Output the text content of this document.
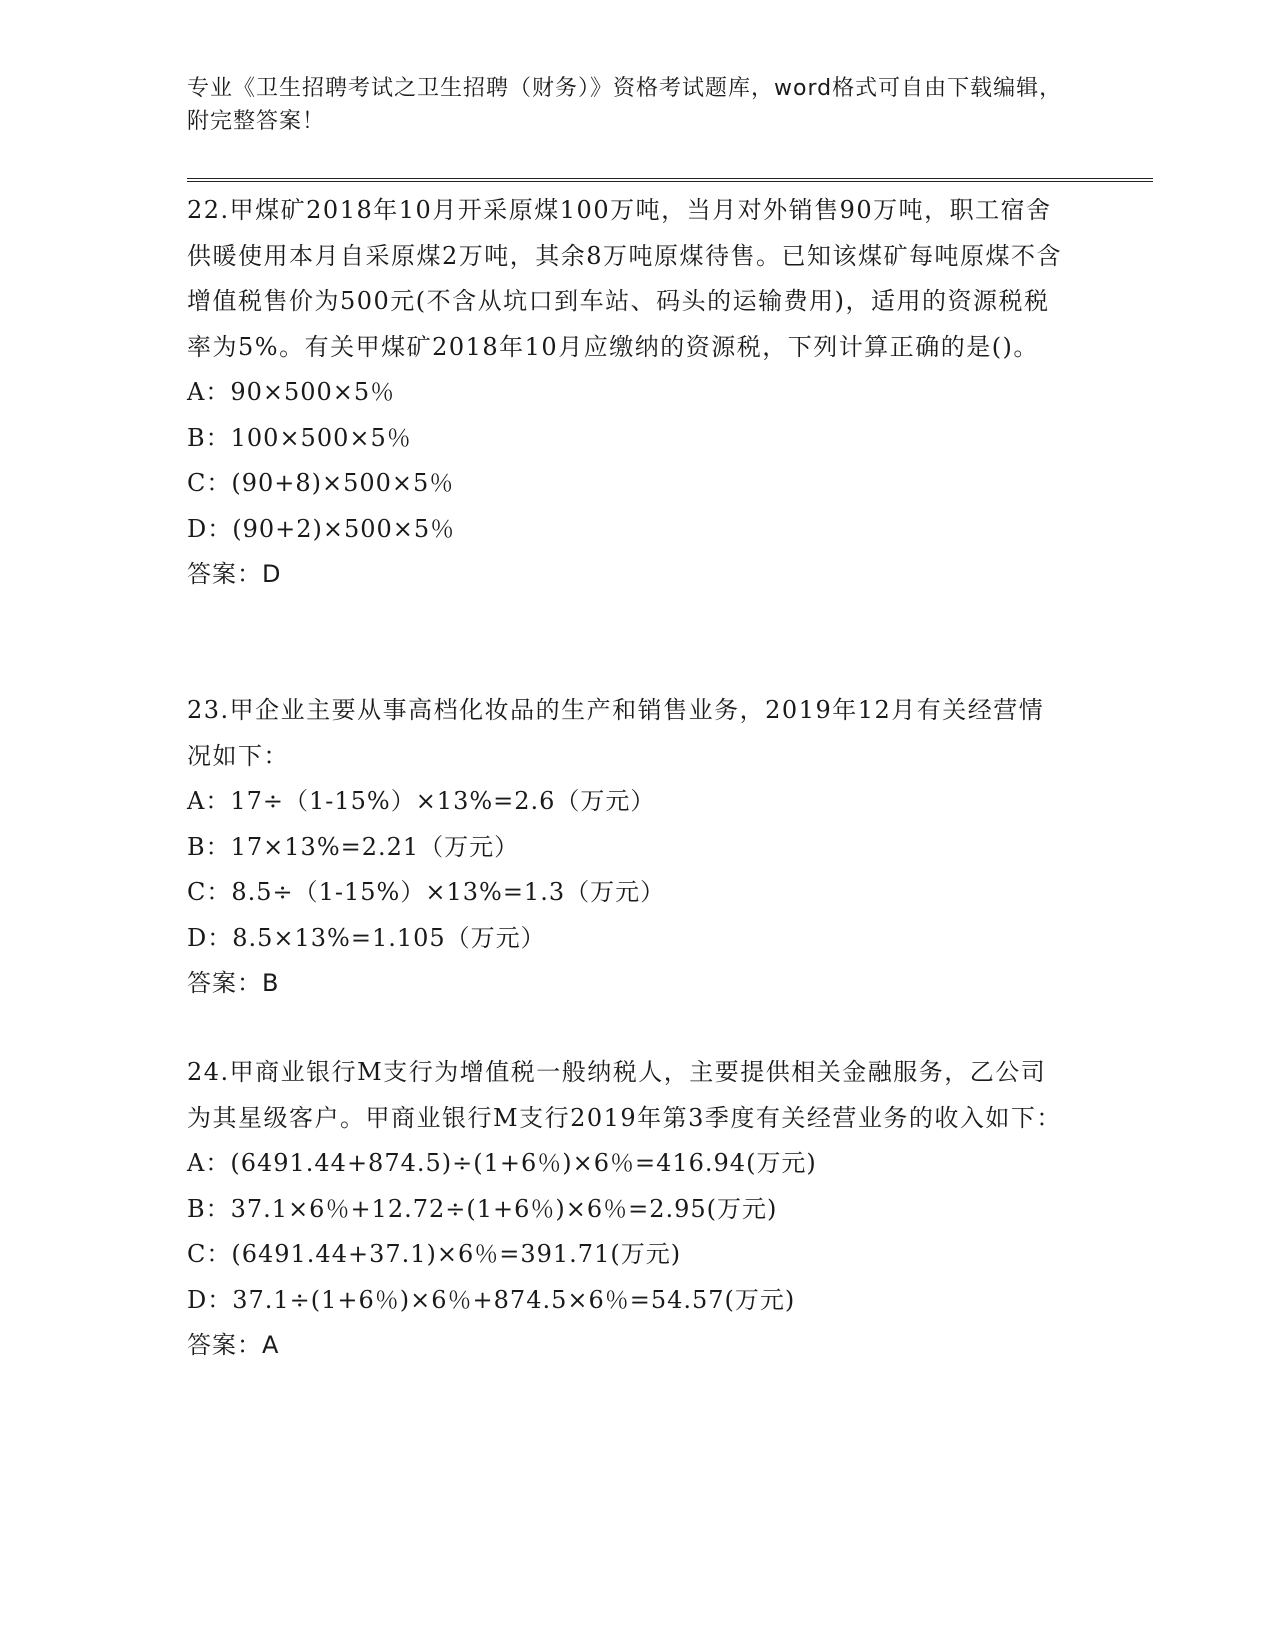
专业《卫生招聘考试之卫生招聘（财务）》资格考试题库，word格式可自由下载编辑，附完整答案！

22.甲煤矿2018年10月开采原煤100万吨，当月对外销售90万吨，职工宿舍供暖使用本月自采原煤2万吨，其余8万吨原煤待售。已知该煤矿每吨原煤不含增值税售价为500元(不含从坑口到车站、码头的运输费用)，适用的资源税税率为5%。有关甲煤矿2018年10月应缴纳的资源税，下列计算正确的是()。

A：90×500×5％

B：100×500×5％

C：(90+8)×500×5％

D：(90+2)×500×5％

答案：D

23.甲企业主要从事高档化妆品的生产和销售业务，2019年12月有关经营情况如下：

A：17÷（1-15%）×13%=2.6（万元）

B：17×13%=2.21（万元）

C：8.5÷（1-15%）×13%=1.3（万元）

D：8.5×13%=1.105（万元）

答案：B

24.甲商业银行M支行为增值税一般纳税人，主要提供相关金融服务，乙公司为其星级客户。甲商业银行M支行2019年第3季度有关经营业务的收入如下：

A：(6491.44+874.5)÷(1+6％)×6％=416.94(万元)

B：37.1×6％+12.72÷(1+6％)×6％=2.95(万元)

C：(6491.44+37.1)×6％=391.71(万元)

D：37.1÷(1+6％)×6％+874.5×6％=54.57(万元)

答案：A
